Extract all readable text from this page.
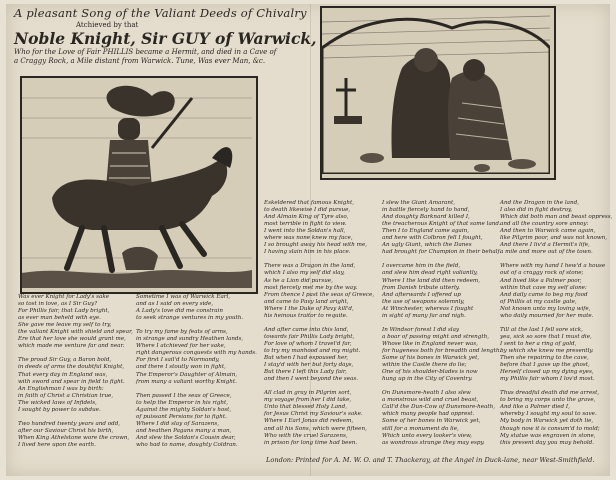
A pleasant Song of the Valiant Deeds of Chivalry
Atchieved by that
Noble Knight, Sir GUY of Warwick,
Who for the Love of Fair PHILLIS became a Hermit, and died in a Cave of
a Craggy Rock, a Mile distant from Warwick. Tune, Was ever Man, &c.
Was ever Knight for Lady's sake
so tost in love, as I Sir Guy?
For Phillis fair, that Lady bright,
as ever man beheld with eye.
She gave me leave my self to try,
the valiant Knight with shield and spear,
Ere that her love she would grant me,
which made me venture far and near.

The proud Sir Guy, a Baron bold,
in deeds of arms the doubtful Knight,
That every day in England was,
with sword and spear in field to fight.
An Englishman I was by birth:
in faith of Christ a Christian true,
The wicked laws of Infidels,
I sought by power to subdue.

Two hundred twenty years and odd,
after our Saviour Christ his birth,
When King Athelstone wore the crown,
I lived here upon the earth.
Sometime I was of Warwick Earl,
and as I said on every side,
A Lady's love did me constrain
to seek strange ventures in my youth.

To try my fame by feats of arms,
in strange and sundry Heathen lands,
Where I atchieved for her sake,
right dangerous conquests with my hands.
For first I sail'd to Normandy,
and there I stoutly won in fight,
The Emperor's Daughter of Almain,
from many a valiant worthy Knight.

Then passed I the seas of Greece,
to help the Emperor in his right,
Against the mighty Soldan's host,
of puissant Persians for to fight.
Where I did slay of Sarazens,
and heathen Pagans many a man,
And slew the Soldan's Cousin dear,
who had to name, doughty Coldran.
Eskeldered that famous Knight,
to death likewise I did pursue,
And Almain King of Tyre also,
most terrible in fight to view.
I went into the Soldan's hall,
where was none knew my face,
I so brought away his head with me,
I having slain him in his place.

There was a Dragon in the land,
which I also my self did slay,
As he a Lion did pursue,
most fiercely met me by the way.
From thence I past the seas of Greece,
and came to Pavy land aright,
Where I the Duke of Pavy kill'd,
his heinous traitor to requite.

And after came into this land,
towards fair Phillis Lady bright,
For love of whom I travel'd far,
to try my manhood and my might.
But when I had espoused her,
I stay'd with her but forty days,
But there I left this Lady fair,
and then I went beyond the seas.

All clad in gray in Pilgrim sort,
my voyage from her I did take,
Unto that blessed Holy Land,
for Jesus Christ my Saviour's sake.
Where I Earl Jonas did redeem,
and all his Sons, which were fifteen,
Who with the cruel Sarazens,
in prison for long time had been.
I slew the Giant Amarant,
in battle fiercely hand to hand,
And doughty Barknard killed I,
the treacherous Knight of that same land.
Then I to England came again,
and here with Colbron fell I fought,
An ugly Giant, which the Danes
had brought for Champion in their behalf.

I overcame him in the field,
and slew him dead right valiantly,
Where I the land did then redeem,
from Danish tribute utterly.
And afterwards I offered up
the use of weapons solemnly,
At Winchester, whereas I fought
in sight of many far and nigh.

In Windsor forest I did slay
a boar of passing might and strength,
Whose like in England never was,
for hugeness both for breadth and length.
Some of his bones in Warwick yet,
within the Castle there do lie;
One of his shoulder-blades is now
hung up in the City of Coventry.

On Dunsmore-heath I also slew
a monstrous wild and cruel beast,
Call'd the Dun-Cow of Dunsmore-heath,
which many people had opprest.
Some of her bones in Warwick yet,
still for a monument do lie,
Which unto every looker's view,
as wondrous strange they may espy.
And the Dragon in the land,
I also did in fight destroy,
Which did both man and beast oppress,
and all the country sore annoy:
And then to Warwick came again,
like Pilgrim poor, and was not known,
And there I liv'd a Hermit's life,
a mile and more out of the town.

Where with my hand I hew'd a house
out of a craggy rock of stone;
And lived like a Palmer poor,
within that cave my self alone:
And daily came to beg my food
of Phillis at my castle gate,
Not known unto my loving wife,
who daily mourned for her mate.

Till at the last I fell sore sick,
yea, sick so sore that I must die,
I sent to her a ring of gold,
by which she knew me presently.
Then she repairing to the cave,
before that I gave up the ghost,
Herself closed up my dying eyes,
my Phillis fair whom I lov'd most.

Thus dreadful death did me arrest,
to bring my corps unto the grave,
And like a Palmer died I,
whereby I sought my soul to save.
My body in Warwick yet doth lie,
though now it is consum'd to mold;
My statue was engraven in stone,
this present day you may behold.
London: Printed for A. M. W. O. and T. Thackeray, at the Angel in Duck-lane, near West-Smithfield.
